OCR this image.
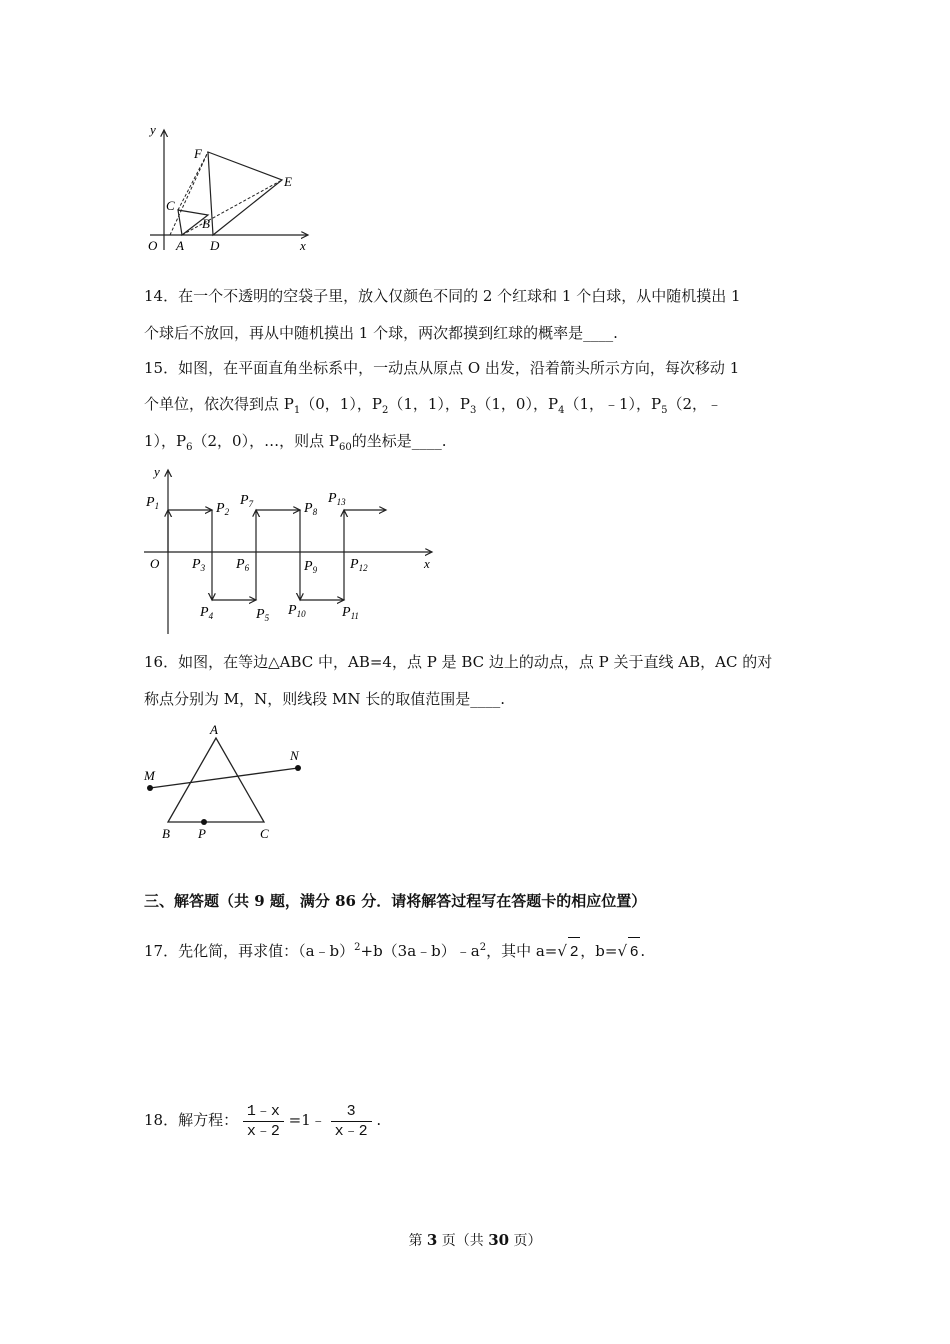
y
x
O A
B
C
D
E
F
14．在一个不透明的空袋子里，放入仅颜色不同的 2 个红球和 1 个白球，从中随机摸出 1
个球后不放回，再从中随机摸出 1 个球，两次都摸到红球的概率是____.
15．如图，在平面直角坐标系中，一动点从原点 O 出发，沿着箭头所示方向，每次移动 1
个单位，依次得到点 $P_1(0$，1），$P_2(1$，1），$P_3(1$，0），$P_4(1$，﹣1），$P_5(2$，﹣
1），$P_6(2$，0），…，则点 $P_{60}$的坐标是____.
y
x
O
$P_1$	$P_2$
$P_3$
$P_4$	$P_5$
$P_6$
$P_7$	$P_8$
$P_9$
$P_{10}$	$P_{11}$
$P_{12}$
$P_{13}$
16．如图，在等边△ABC 中，AB=4，点 P 是 BC 边上的动点，点 P 关于直线 AB，AC 的对
称点分别为 M，N，则线段 MN 长的取值范围是____.
A
B	C
P
M
N
三、解答题（共 9 题，满分 86 分．请将解答过程写在答题卡的相应位置）
17．先化简，再求值：$(a﹣b)^2+b(3a﹣b)﹣a^2$，其中 a=√ 2 ，b=√ 6 .
18．解方程： $\frac{1﹣x}{x﹣2}$ =1﹣ $\frac{3}{x﹣2}$ .
第 3 页（共 30 页）
